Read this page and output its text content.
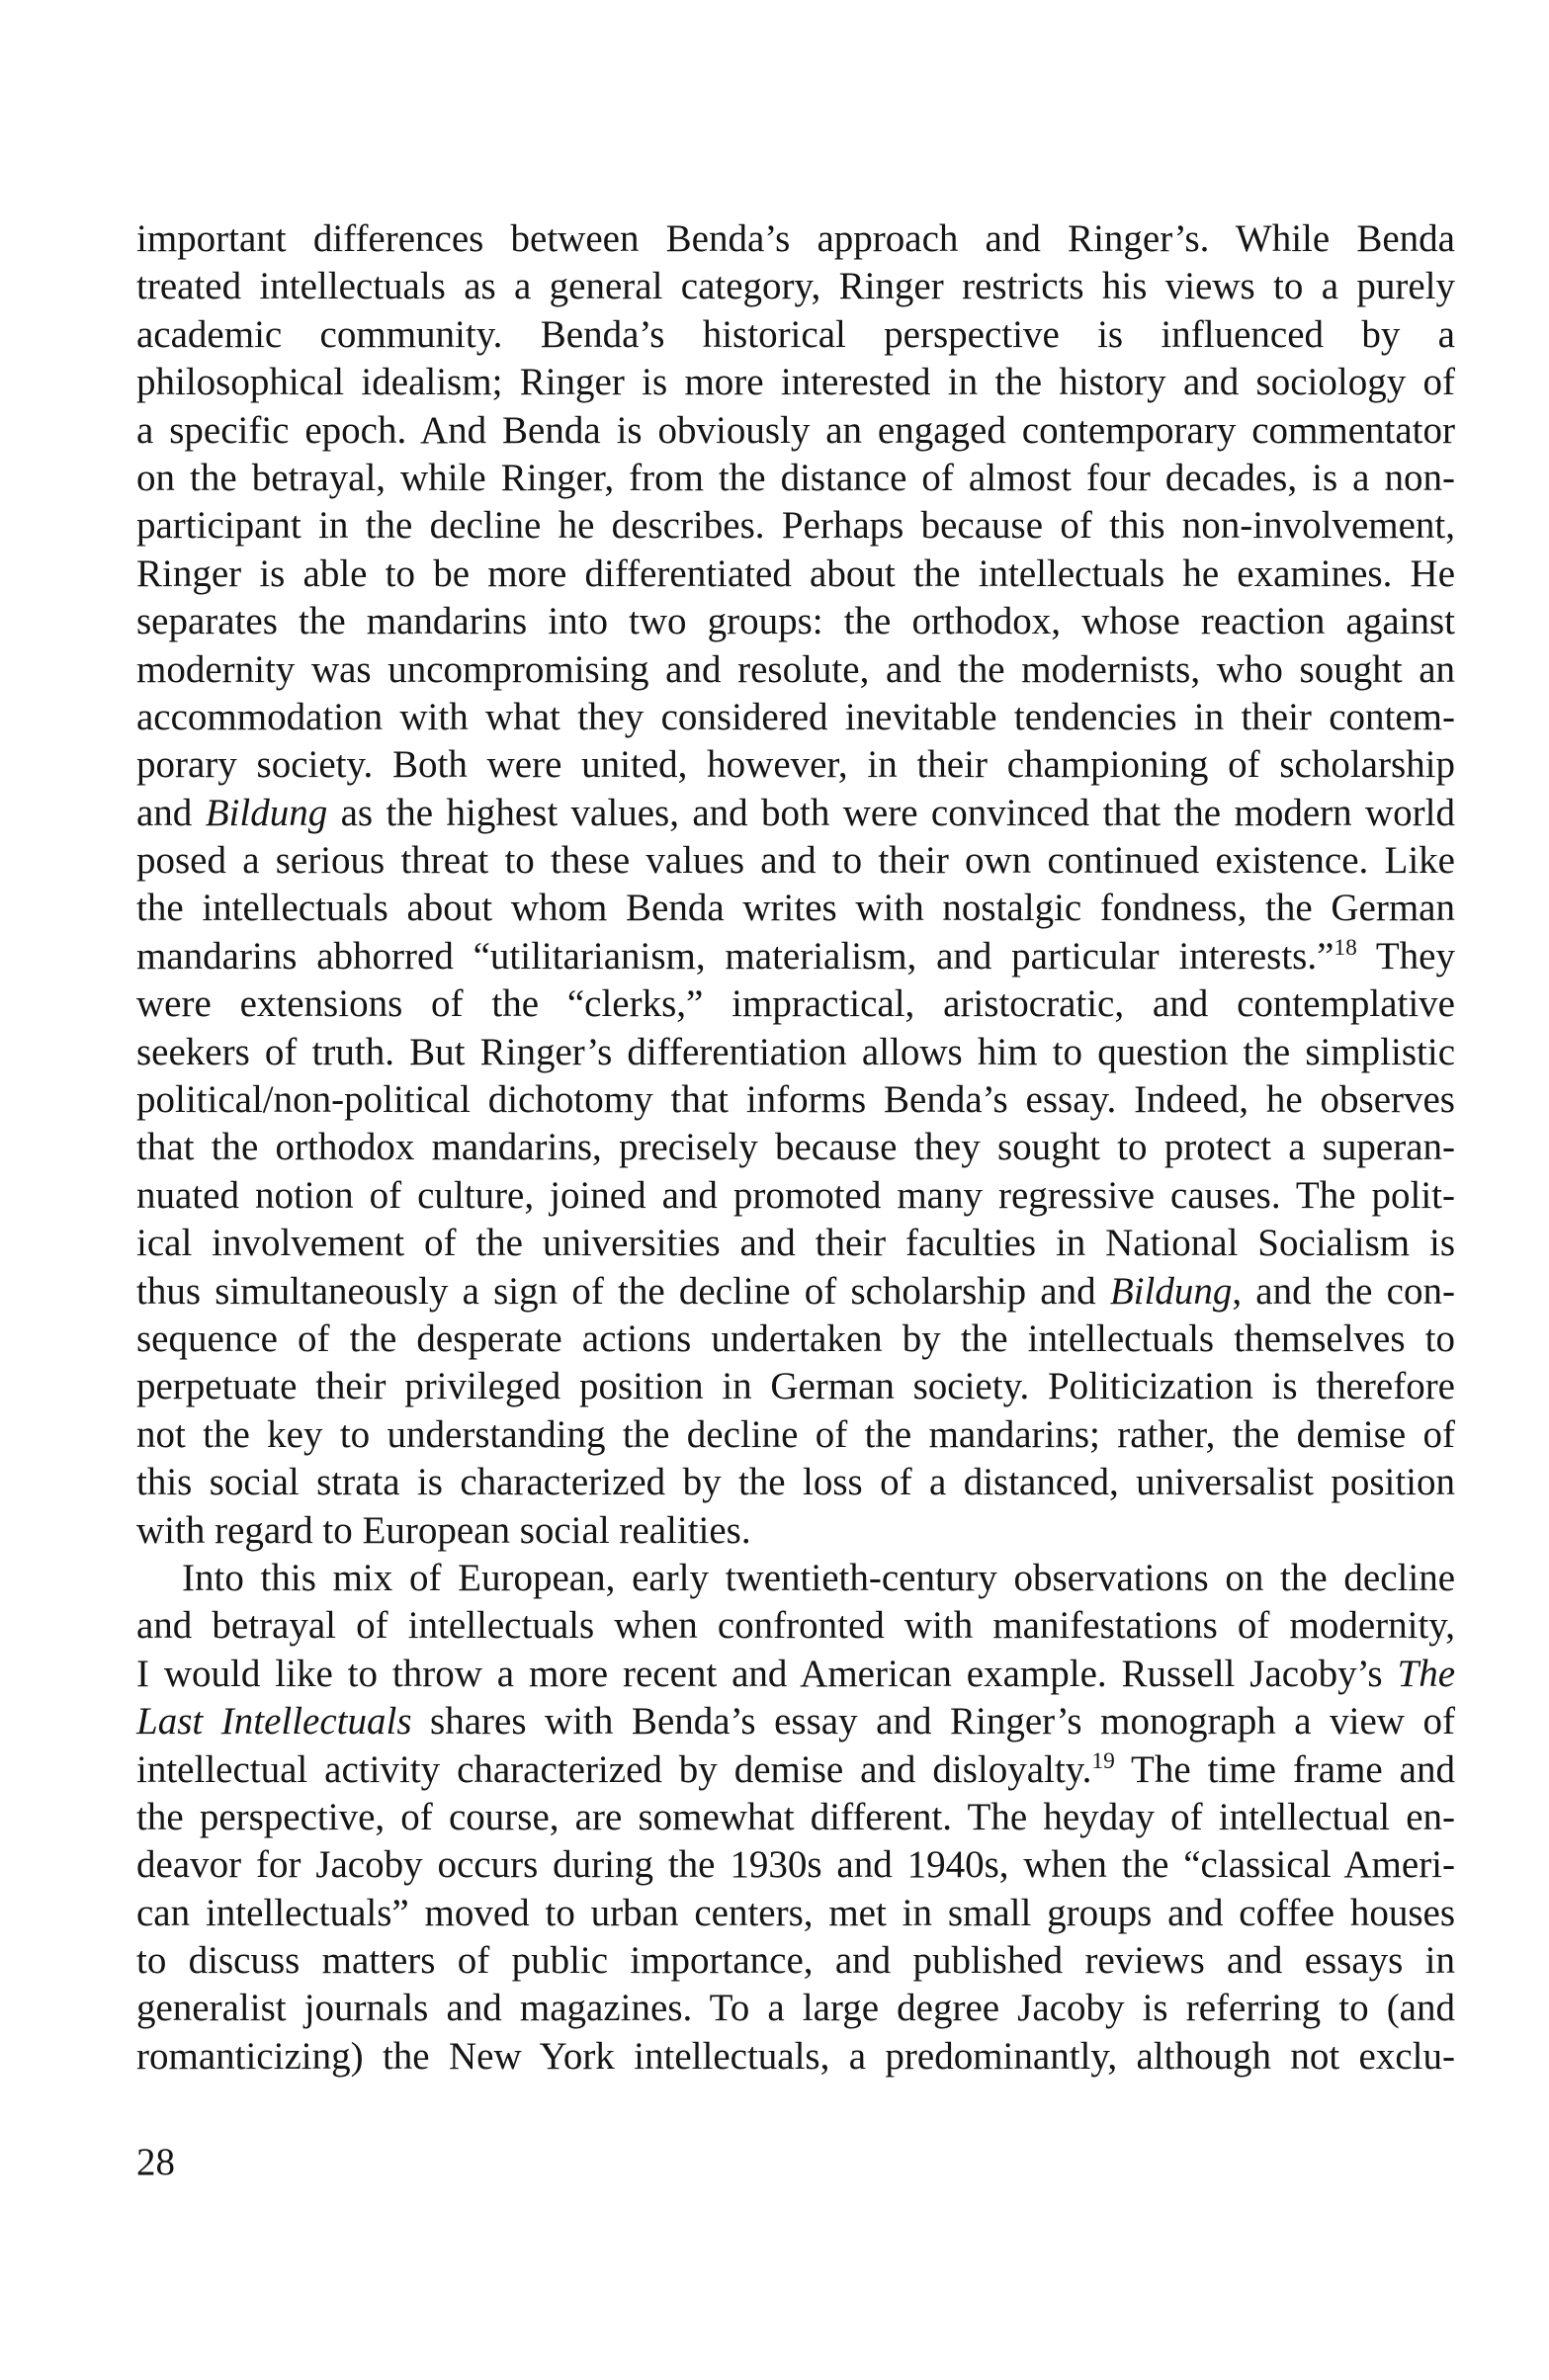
important differences between Benda’s approach and Ringer’s. While Benda
treated intellectuals as a general category, Ringer restricts his views to a purely
academic community. Benda’s historical perspective is influenced by a
philosophical idealism; Ringer is more interested in the history and sociology of
a specific epoch. And Benda is obviously an engaged contemporary commentator
on the betrayal, while Ringer, from the distance of almost four decades, is a non-
participant in the decline he describes. Perhaps because of this non-involvement,
Ringer is able to be more differentiated about the intellectuals he examines. He
separates the mandarins into two groups: the orthodox, whose reaction against
modernity was uncompromising and resolute, and the modernists, who sought an
accommodation with what they considered inevitable tendencies in their contem-
porary society. Both were united, however, in their championing of scholarship
and Bildung as the highest values, and both were convinced that the modern world
posed a serious threat to these values and to their own continued existence. Like
the intellectuals about whom Benda writes with nostalgic fondness, the German
mandarins abhorred “utilitarianism, materialism, and particular interests.”$^{18}$ They
were extensions of the “clerks,” impractical, aristocratic, and contemplative
seekers of truth. But Ringer’s differentiation allows him to question the simplistic
political/non-political dichotomy that informs Benda’s essay. Indeed, he observes
that the orthodox mandarins, precisely because they sought to protect a superan-
nuated notion of culture, joined and promoted many regressive causes. The polit-
ical involvement of the universities and their faculties in National Socialism is
thus simultaneously a sign of the decline of scholarship and Bildung, and the con-
sequence of the desperate actions undertaken by the intellectuals themselves to
perpetuate their privileged position in German society. Politicization is therefore
not the key to understanding the decline of the mandarins; rather, the demise of
this social strata is characterized by the loss of a distanced, universalist position
with regard to European social realities.
Into this mix of European, early twentieth-century observations on the decline
and betrayal of intellectuals when confronted with manifestations of modernity,
I would like to throw a more recent and American example. Russell Jacoby’s The
Last Intellectuals shares with Benda’s essay and Ringer’s monograph a view of
intellectual activity characterized by demise and disloyalty.$^{19}$ The time frame and
the perspective, of course, are somewhat different. The heyday of intellectual en-
deavor for Jacoby occurs during the 1930s and 1940s, when the “classical Ameri-
can intellectuals” moved to urban centers, met in small groups and coffee houses
to discuss matters of public importance, and published reviews and essays in
generalist journals and magazines. To a large degree Jacoby is referring to (and
romanticizing) the New York intellectuals, a predominantly, although not exclu-
28
